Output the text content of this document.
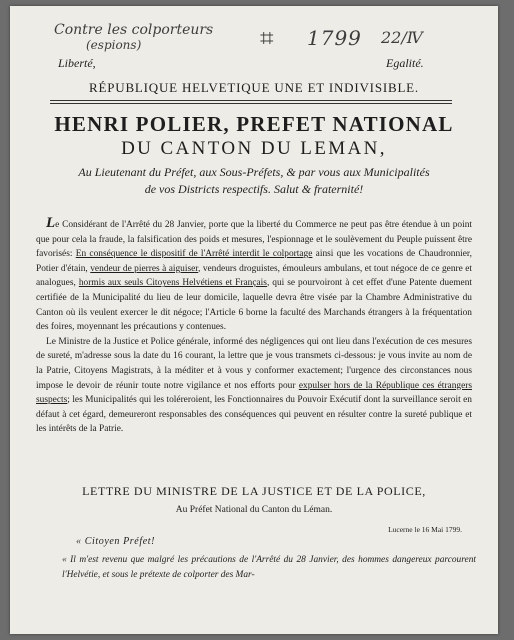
Contre les colporteurs
(espions)	⌗ 1799 22/Ⅳ
Liberté,	Egalité.
RÉPUBLIQUE HELVETIQUE UNE ET INDIVISIBLE.
HENRI POLIER, PREFET NATIONAL
DU CANTON DU LEMAN,
Au Lieutenant du Préfet, aux Sous-Préfets, & par vous aux Municipalités
de vos Districts respectifs. Salut & fraternité!

Le Considérant de l'Arrêté du 28 Janvier, porte que la liberté du Commerce ne peut pas être étendue à un point que pour cela la fraude, la falsification des poids et mesures, l'espionnage et le soulèvement du Peuple puissent être favorisés: En conséquence le dispositif de l'Arrêté interdit le colportage ainsi que les vocations de Chaudronnier, Potier d'étain, vendeur de pierres à aiguiser, vendeurs droguistes, émouleurs ambulans, et tout négoce de ce genre et analogues, hormis aux seuls Citoyens Helvétiens et Français, qui se pourvoiront à cet effet d'une Patente duement certifiée de la Municipalité du lieu de leur domicile, laquelle devra être visée par la Chambre Administrative du Canton où ils veulent exercer le dit négoce; l'Article 6 borne la faculté des Marchands étrangers à la fréquentation des foires, moyennant les précautions y contenues.

Le Ministre de la Justice et Police générale, informé des négligences qui ont lieu dans l'exécution de ces mesures de sureté, m'adresse sous la date du 16 courant, la lettre que je vous transmets ci-dessous: je vous invite au nom de la Patrie, Citoyens Magistrats, à la méditer et à vous y conformer exactement; l'urgence des circonstances nous impose le devoir de réunir toute notre vigilance et nos efforts pour expulser hors de la République ces étrangers suspects; les Municipalités qui les toléreroient, les Fonctionnaires du Pouvoir Exécutif dont la surveillance seroit en défaut à cet égard, demeureront responsables des conséquences qui peuvent en résulter contre la sureté publique et les intérêts de la Patrie.

LETTRE DU MINISTRE DE LA JUSTICE ET DE LA POLICE,
Au Préfet National du Canton du Léman.
Lucerne le 16 Mai 1799.
« Citoyen Préfet!
« Il m'est revenu que malgré les précautions de l'Arrêté du 28 Janvier, des hommes dangereux parcourent l'Helvétie, et sous le prétexte de colporter des Mar-
